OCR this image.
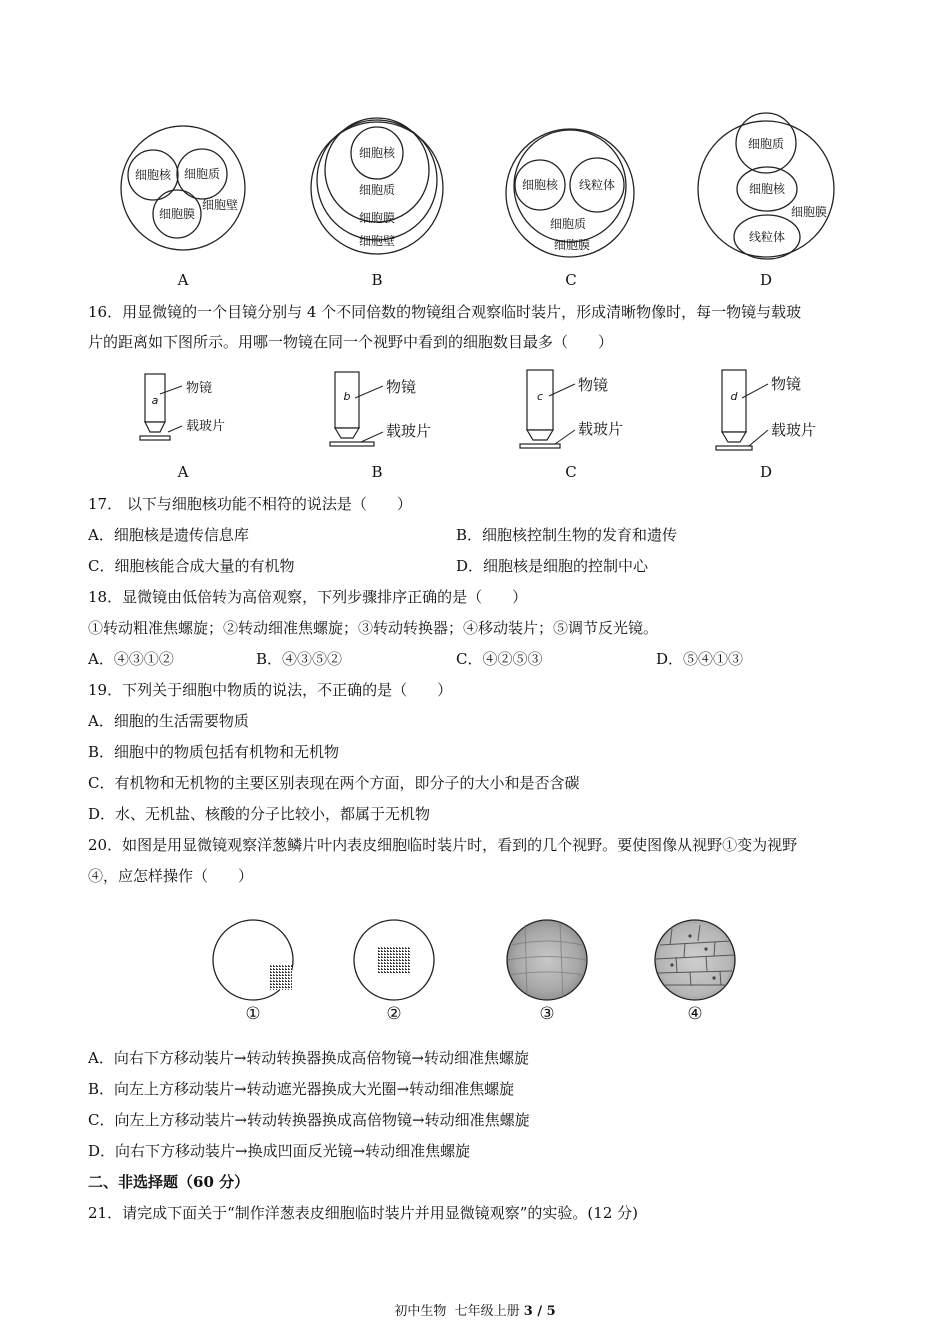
细胞核 细胞质
细胞膜
细胞壁
细胞核
细胞质
细胞膜
细胞壁
细胞核 线粒体
细胞质
细胞膜
细胞质
细胞核
细胞膜
线粒体
A	B	C	D
16．用显微镜的一个目镜分别与 4 个不同倍数的物镜组合观察临时装片，形成清晰物像时，每一物镜与载玻
片的距离如下图所示。用哪一物镜在同一个视野中看到的细胞数目最多（　　）
a	b	c	d
物镜
载玻片
物镜
载玻片
物镜
载玻片
物镜
载玻片
A	B	C	D
17． 以下与细胞核功能不相符的说法是（　　）
A．细胞核是遗传信息库	B．细胞核控制生物的发育和遗传
C．细胞核能合成大量的有机物	D．细胞核是细胞的控制中心
18．显微镜由低倍转为高倍观察，下列步骤排序正确的是（　　）
①转动粗准焦螺旋；②转动细准焦螺旋；③转动转换器；④移动装片；⑤调节反光镜。
A．④③①②	B．④③⑤②	C．④②⑤③	D．⑤④①③
19．下列关于细胞中物质的说法，不正确的是（　　）
A．细胞的生活需要物质
B．细胞中的物质包括有机物和无机物
C．有机物和无机物的主要区别表现在两个方面，即分子的大小和是否含碳
D．水、无机盐、核酸的分子比较小，都属于无机物
20．如图是用显微镜观察洋葱鳞片叶内表皮细胞临时装片时，看到的几个视野。要使图像从视野①变为视野
④，应怎样操作（　　）
①	②	③	④
A．向右下方移动装片→转动转换器换成高倍物镜→转动细准焦螺旋
B．向左上方移动装片→转动遮光器换成大光圈→转动细准焦螺旋
C．向左上方移动装片→转动转换器换成高倍物镜→转动细准焦螺旋
D．向右下方移动装片→换成凹面反光镜→转动细准焦螺旋
二、非选择题（60 分）
21．请完成下面关于“制作洋葱表皮细胞临时装片并用显微镜观察”的实验。(12 分)
初中生物 七年级上册 3 / 5
